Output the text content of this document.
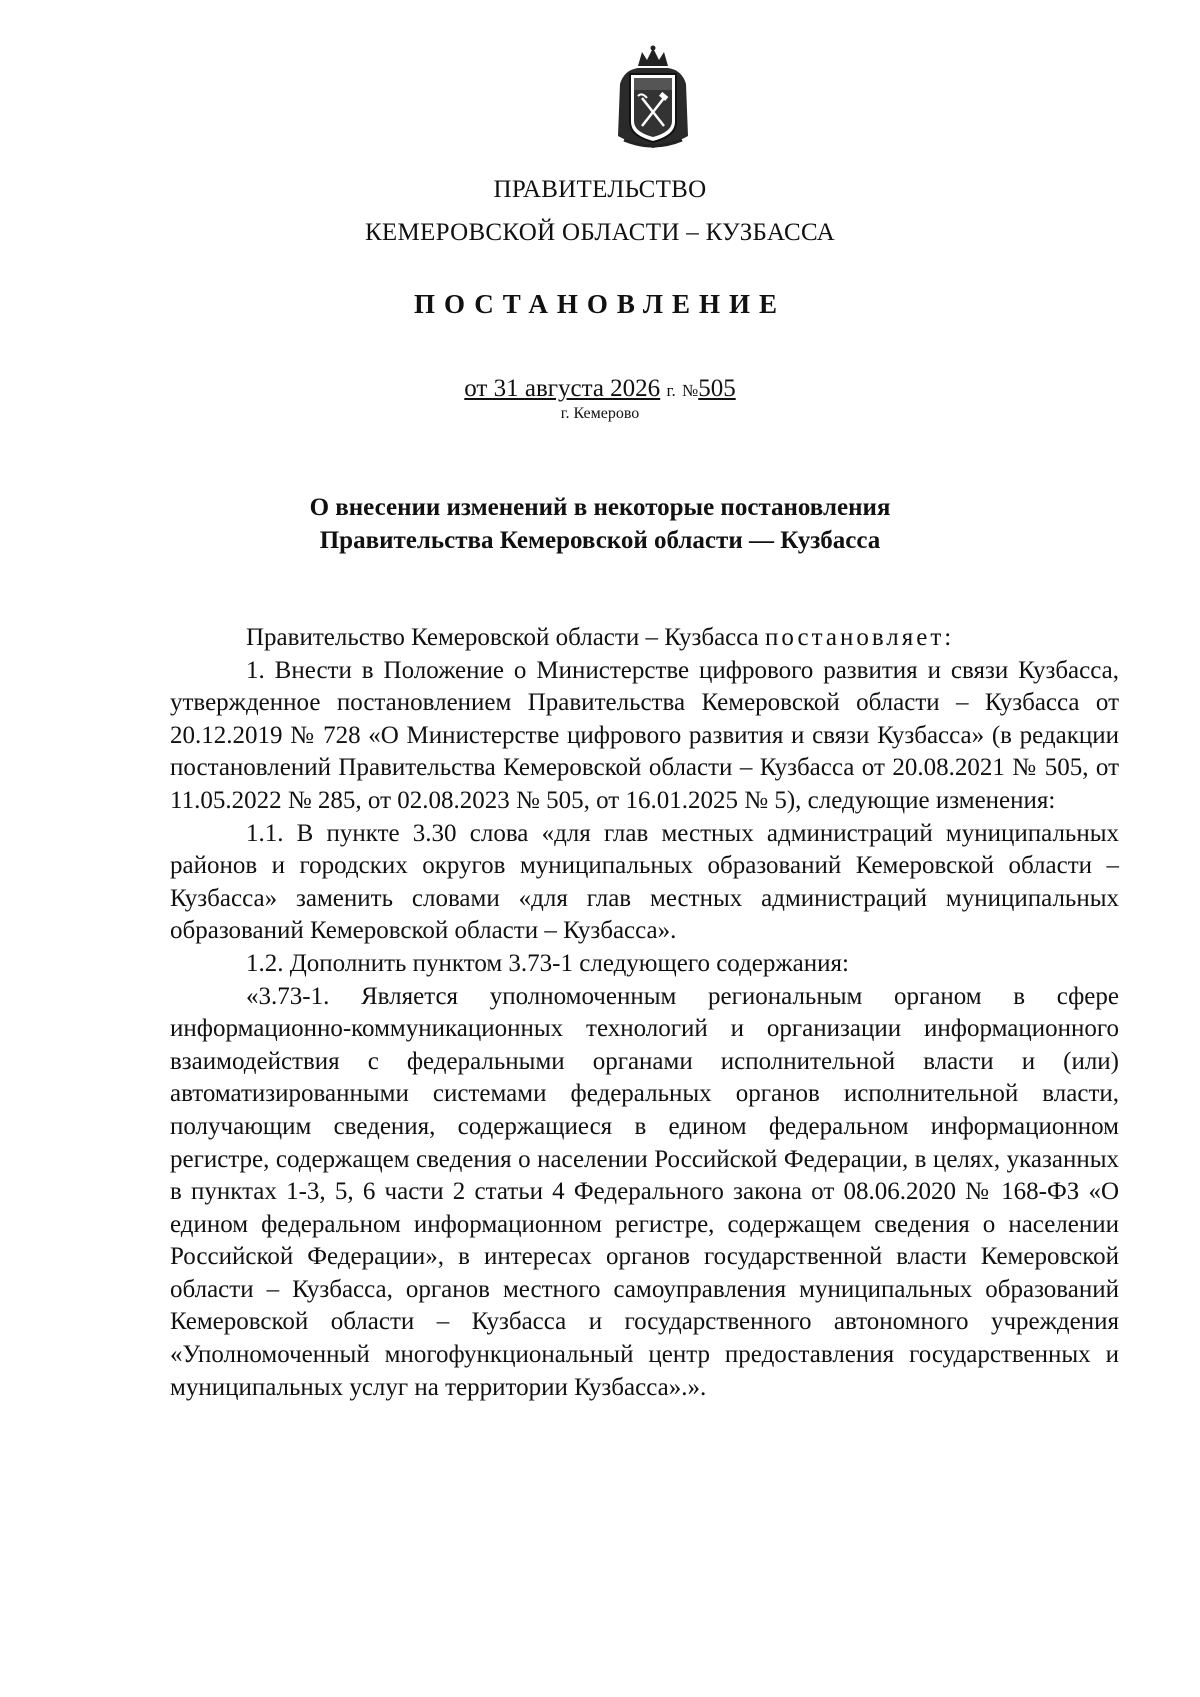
ПРАВИТЕЛЬСТВО
КЕМЕРОВСКОЙ ОБЛАСТИ – КУЗБАССА
ПОСТАНОВЛЕНИЕ
от 31 августа 2026 г. №505
г. Кемерово
О внесении изменений в некоторые постановления
Правительства Кемеровской области — Кузбасса

Правительство Кемеровской области – Кузбасса постановляет:

1. Внести в Положение о Министерстве цифрового развития и связи Кузбасса, утвержденное постановлением Правительства Кемеровской области – Кузбасса от 20.12.2019 № 728 «О Министерстве цифрового развития и связи Кузбасса» (в редакции постановлений Правительства Кемеровской области – Кузбасса от 20.08.2021 № 505, от 11.05.2022 № 285, от 02.08.2023 № 505, от 16.01.2025 № 5), следующие изменения:

1.1. В пункте 3.30 слова «для глав местных администраций муниципальных районов и городских округов муниципальных образований Кемеровской области – Кузбасса» заменить словами «для глав местных администраций муниципальных образований Кемеровской области – Кузбасса».

1.2. Дополнить пунктом 3.73-1 следующего содержания:

«3.73-1. Является уполномоченным региональным органом в сфере информационно-коммуникационных технологий и организации информационного взаимодействия с федеральными органами исполнительной власти и (или) автоматизированными системами федеральных органов исполнительной власти, получающим сведения, содержащиеся в едином федеральном информационном регистре, содержащем сведения о населении Российской Федерации, в целях, указанных в пунктах 1-3, 5, 6 части 2 статьи 4 Федерального закона от 08.06.2020 № 168-ФЗ «О едином федеральном информационном регистре, содержащем сведения о населении Российской Федерации», в интересах органов государственной власти Кемеровской области – Кузбасса, органов местного самоуправления муниципальных образований Кемеровской области – Кузбасса и государственного автономного учреждения «Уполномоченный многофункциональный центр предоставления государственных и муниципальных услуг на территории Кузбасса».».
